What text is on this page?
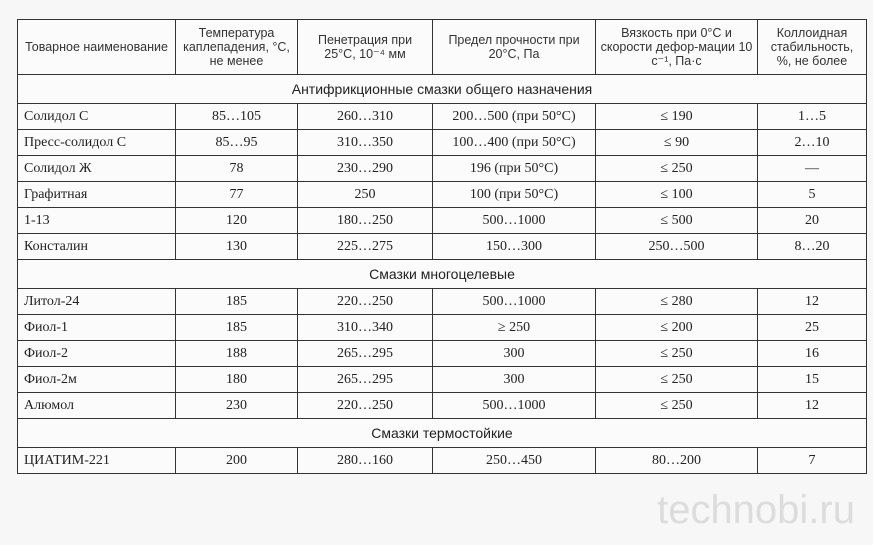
Товарное наименование	Температура каплепадения, °С, не менее	Пенетрация при 25°С, 10⁻⁴ мм	Предел прочности при 20°С, Па	Вязкость при 0°С и скорости дефор-мации 10 с⁻¹, Па·с	Коллоидная стабильность, %, не более
Антифрикционные смазки общего назначения					
Солидол С	85…105	260…310	200…500 (при 50°С)	≤ 190	1…5
Пресс-солидол С	85…95	310…350	100…400 (при 50°С)	≤ 90	2…10
Солидол Ж	78	230…290	196 (при 50°С)	≤ 250	—
Графитная	77	250	100 (при 50°С)	≤ 100	5
1-13	120	180…250	500…1000	≤ 500	20
Консталин	130	225…275	150…300	250…500	8…20
Смазки многоцелевые					
Литол-24	185	220…250	500…1000	≤ 280	12
Фиол-1	185	310…340	≥ 250	≤ 200	25
Фиол-2	188	265…295	300	≤ 250	16
Фиол-2м	180	265…295	300	≤ 250	15
Алюмол	230	220…250	500…1000	≤ 250	12
Смазки термостойкие					
ЦИАТИМ-221	200	280…160	250…450	80…200	7
technobi.ru
